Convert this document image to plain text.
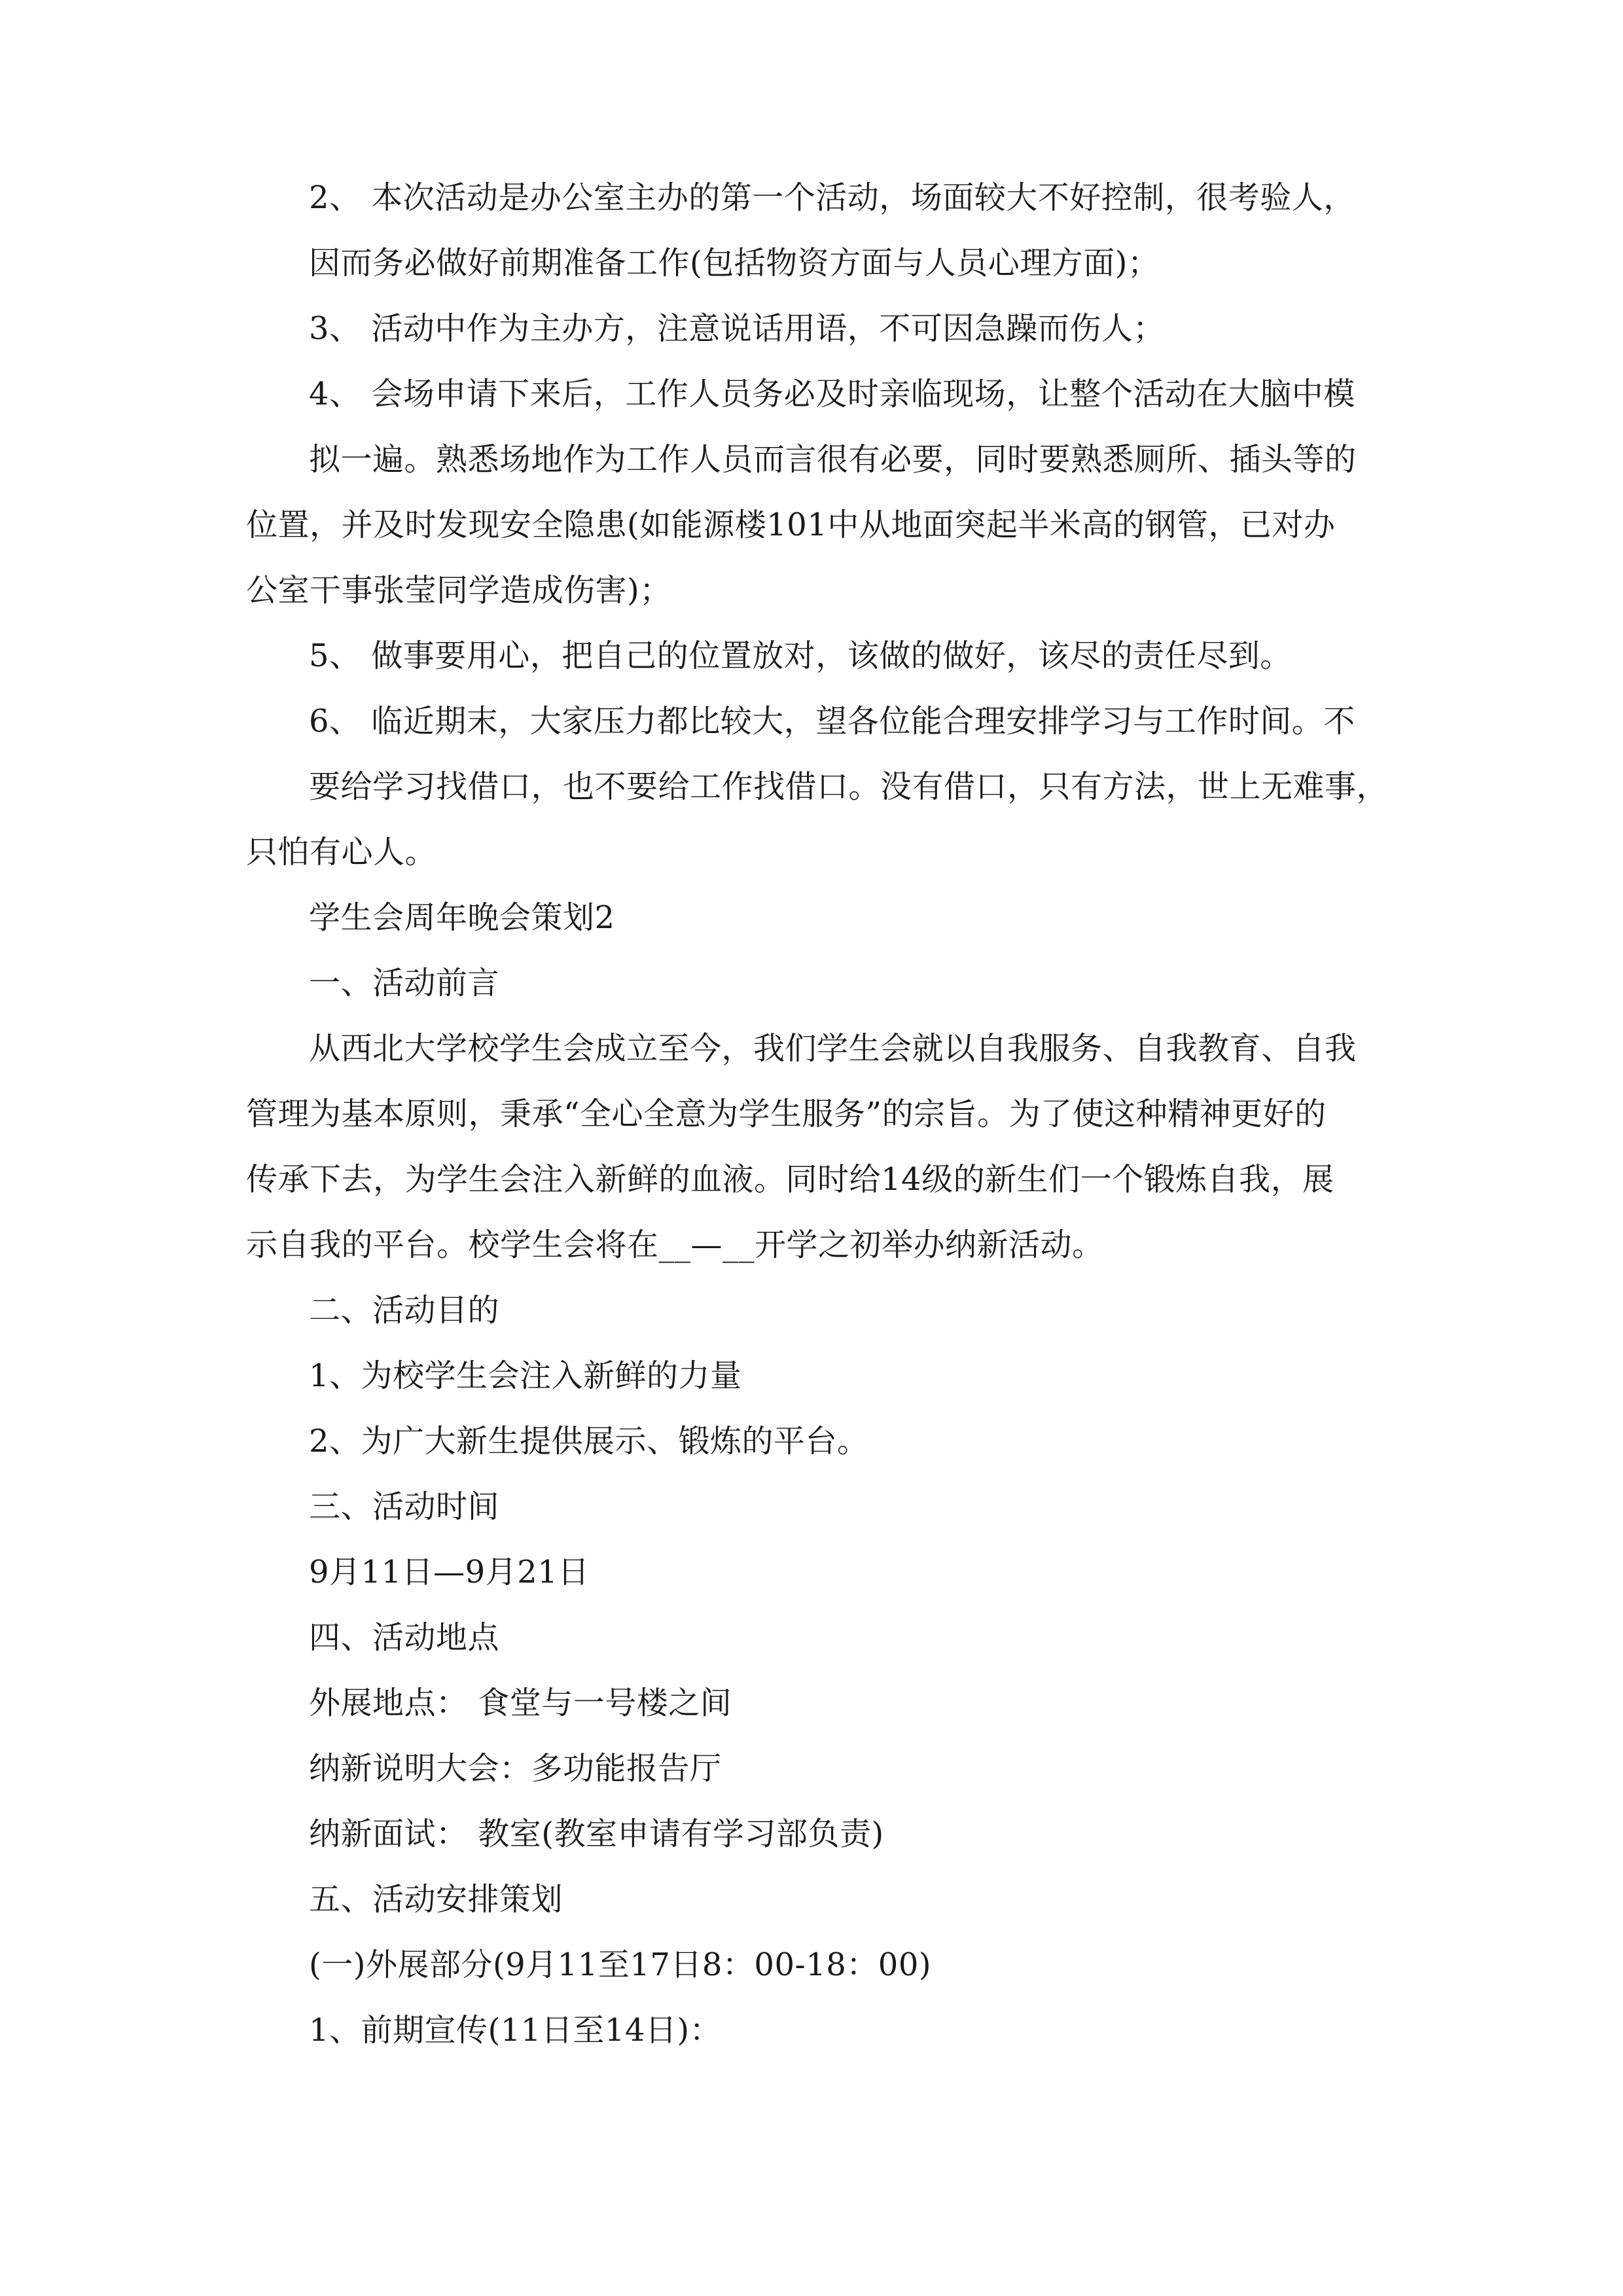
2、 本次活动是办公室主办的第一个活动，场面较大不好控制，很考验人，
因而务必做好前期准备工作(包括物资方面与人员心理方面)；
3、 活动中作为主办方，注意说话用语，不可因急躁而伤人；
4、 会场申请下来后，工作人员务必及时亲临现场，让整个活动在大脑中模
拟一遍。熟悉场地作为工作人员而言很有必要，同时要熟悉厕所、插头等的
位置，并及时发现安全隐患(如能源楼101中从地面突起半米高的钢管，已对办
公室干事张莹同学造成伤害)；
5、 做事要用心，把自己的位置放对，该做的做好，该尽的责任尽到。
6、 临近期末，大家压力都比较大，望各位能合理安排学习与工作时间。不
要给学习找借口，也不要给工作找借口。没有借口，只有方法，世上无难事，
只怕有心人。
学生会周年晚会策划2
一、活动前言
从西北大学校学生会成立至今，我们学生会就以自我服务、自我教育、自我
管理为基本原则，秉承“全心全意为学生服务”的宗旨。为了使这种精神更好的
传承下去，为学生会注入新鲜的血液。同时给14级的新生们一个锻炼自我，展
示自我的平台。校学生会将在__—__开学之初举办纳新活动。
二、活动目的
1、为校学生会注入新鲜的力量
2、为广大新生提供展示、锻炼的平台。
三、活动时间
9月11日—9月21日
四、活动地点
外展地点： 食堂与一号楼之间
纳新说明大会：多功能报告厅
纳新面试： 教室(教室申请有学习部负责)
五、活动安排策划
(一)外展部分(9月11至17日8：00-18：00)
1、前期宣传(11日至14日)：
